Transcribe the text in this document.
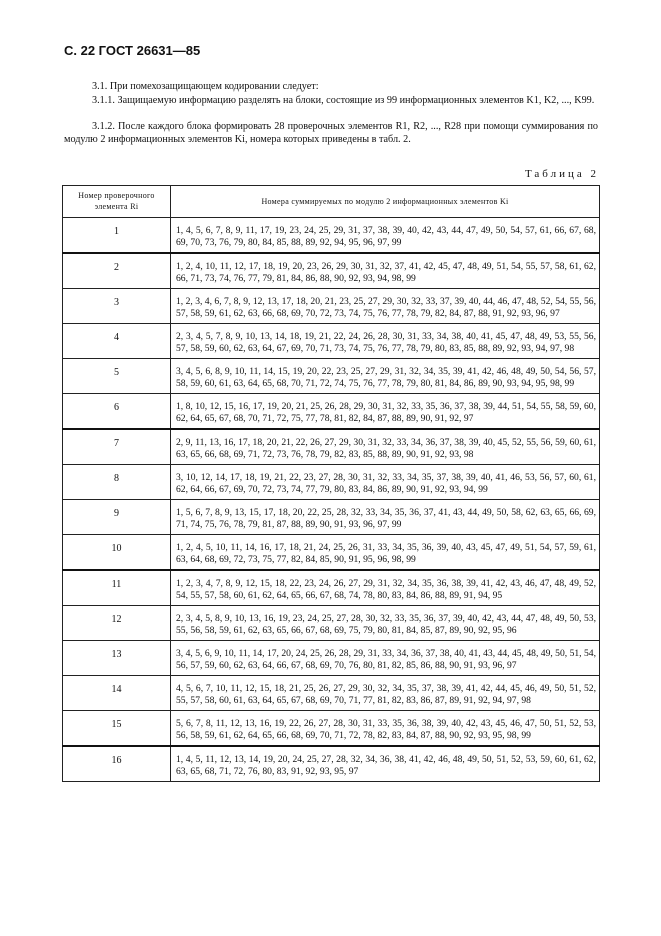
С. 22 ГОСТ 26631—85
3.1. При помехозащищающем кодировании следует:
3.1.1. Защищаемую информацию разделять на блоки, состоящие из 99 информационных элементов K1, K2, ..., K99.
3.1.2. После каждого блока формировать 28 проверочных элементов R1, R2, ..., R28 при помощи суммирования по модулю 2 информационных элементов Ki, номера которых приведены в табл. 2.
Таблица 2
Номер проверочного элемента Ri	Номера суммируемых по модулю 2 информационных элементов Ki
1	1, 4, 5, 6, 7, 8, 9, 11, 17, 19, 23, 24, 25, 29, 31, 37, 38, 39, 40, 42, 43, 44, 47, 49, 50, 54, 57, 61, 66, 67, 68, 69, 70, 73, 76, 79, 80, 84, 85, 88, 89, 92, 94, 95, 96, 97, 99
2	1, 2, 4, 10, 11, 12, 17, 18, 19, 20, 23, 26, 29, 30, 31, 32, 37, 41, 42, 45, 47, 48, 49, 51, 54, 55, 57, 58, 61, 62, 66, 71, 73, 74, 76, 77, 79, 81, 84, 86, 88, 90, 92, 93, 94, 98, 99
3	1, 2, 3, 4, 6, 7, 8, 9, 12, 13, 17, 18, 20, 21, 23, 25, 27, 29, 30, 32, 33, 37, 39, 40, 44, 46, 47, 48, 52, 54, 55, 56, 57, 58, 59, 61, 62, 63, 66, 68, 69, 70, 72, 73, 74, 75, 76, 77, 78, 79, 82, 84, 87, 88, 91, 92, 93, 96, 97
4	2, 3, 4, 5, 7, 8, 9, 10, 13, 14, 18, 19, 21, 22, 24, 26, 28, 30, 31, 33, 34, 38, 40, 41, 45, 47, 48, 49, 53, 55, 56, 57, 58, 59, 60, 62, 63, 64, 67, 69, 70, 71, 73, 74, 75, 76, 77, 78, 79, 80, 83, 85, 88, 89, 92, 93, 94, 97, 98
5	3, 4, 5, 6, 8, 9, 10, 11, 14, 15, 19, 20, 22, 23, 25, 27, 29, 31, 32, 34, 35, 39, 41, 42, 46, 48, 49, 50, 54, 56, 57, 58, 59, 60, 61, 63, 64, 65, 68, 70, 71, 72, 74, 75, 76, 77, 78, 79, 80, 81, 84, 86, 89, 90, 93, 94, 95, 98, 99
6	1, 8, 10, 12, 15, 16, 17, 19, 20, 21, 25, 26, 28, 29, 30, 31, 32, 33, 35, 36, 37, 38, 39, 44, 51, 54, 55, 58, 59, 60, 62, 64, 65, 67, 68, 70, 71, 72, 75, 77, 78, 81, 82, 84, 87, 88, 89, 90, 91, 92, 97
7	2, 9, 11, 13, 16, 17, 18, 20, 21, 22, 26, 27, 29, 30, 31, 32, 33, 34, 36, 37, 38, 39, 40, 45, 52, 55, 56, 59, 60, 61, 63, 65, 66, 68, 69, 71, 72, 73, 76, 78, 79, 82, 83, 85, 88, 89, 90, 91, 92, 93, 98
8	3, 10, 12, 14, 17, 18, 19, 21, 22, 23, 27, 28, 30, 31, 32, 33, 34, 35, 37, 38, 39, 40, 41, 46, 53, 56, 57, 60, 61, 62, 64, 66, 67, 69, 70, 72, 73, 74, 77, 79, 80, 83, 84, 86, 89, 90, 91, 92, 93, 94, 99
9	1, 5, 6, 7, 8, 9, 13, 15, 17, 18, 20, 22, 25, 28, 32, 33, 34, 35, 36, 37, 41, 43, 44, 49, 50, 58, 62, 63, 65, 66, 69, 71, 74, 75, 76, 78, 79, 81, 87, 88, 89, 90, 91, 93, 96, 97, 99
10	1, 2, 4, 5, 10, 11, 14, 16, 17, 18, 21, 24, 25, 26, 31, 33, 34, 35, 36, 39, 40, 43, 45, 47, 49, 51, 54, 57, 59, 61, 63, 64, 68, 69, 72, 73, 75, 77, 82, 84, 85, 90, 91, 95, 96, 98, 99
11	1, 2, 3, 4, 7, 8, 9, 12, 15, 18, 22, 23, 24, 26, 27, 29, 31, 32, 34, 35, 36, 38, 39, 41, 42, 43, 46, 47, 48, 49, 52, 54, 55, 57, 58, 60, 61, 62, 64, 65, 66, 67, 68, 74, 78, 80, 83, 84, 86, 88, 89, 91, 94, 95
12	2, 3, 4, 5, 8, 9, 10, 13, 16, 19, 23, 24, 25, 27, 28, 30, 32, 33, 35, 36, 37, 39, 40, 42, 43, 44, 47, 48, 49, 50, 53, 55, 56, 58, 59, 61, 62, 63, 65, 66, 67, 68, 69, 75, 79, 80, 81, 84, 85, 87, 89, 90, 92, 95, 96
13	3, 4, 5, 6, 9, 10, 11, 14, 17, 20, 24, 25, 26, 28, 29, 31, 33, 34, 36, 37, 38, 40, 41, 43, 44, 45, 48, 49, 50, 51, 54, 56, 57, 59, 60, 62, 63, 64, 66, 67, 68, 69, 70, 76, 80, 81, 82, 85, 86, 88, 90, 91, 93, 96, 97
14	4, 5, 6, 7, 10, 11, 12, 15, 18, 21, 25, 26, 27, 29, 30, 32, 34, 35, 37, 38, 39, 41, 42, 44, 45, 46, 49, 50, 51, 52, 55, 57, 58, 60, 61, 63, 64, 65, 67, 68, 69, 70, 71, 77, 81, 82, 83, 86, 87, 89, 91, 92, 94, 97, 98
15	5, 6, 7, 8, 11, 12, 13, 16, 19, 22, 26, 27, 28, 30, 31, 33, 35, 36, 38, 39, 40, 42, 43, 45, 46, 47, 50, 51, 52, 53, 56, 58, 59, 61, 62, 64, 65, 66, 68, 69, 70, 71, 72, 78, 82, 83, 84, 87, 88, 90, 92, 93, 95, 98, 99
16	1, 4, 5, 11, 12, 13, 14, 19, 20, 24, 25, 27, 28, 32, 34, 36, 38, 41, 42, 46, 48, 49, 50, 51, 52, 53, 59, 60, 61, 62, 63, 65, 68, 71, 72, 76, 80, 83, 91, 92, 93, 95, 97
